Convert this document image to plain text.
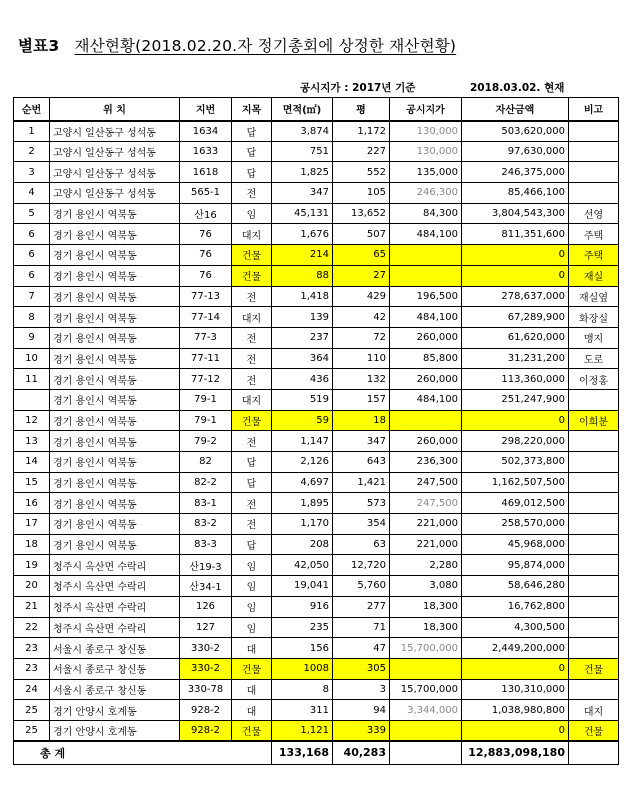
별표3 재산현황(2018.02.20.자 정기총회에 상정한 재산현황)
공시지가 : 2017년 기준	2018.03.02. 현재
순번	위 치	지번	지목	면적(㎡)	평	공시지가	자산금액	비고
1	고양시 일산동구 성석동	1634	답	3,874	1,172	130,000	503,620,000	
2	고양시 일산동구 성석동	1633	답	751	227	130,000	97,630,000	
3	고양시 일산동구 성석동	1618	답	1,825	552	135,000	246,375,000	
4	고양시 일산동구 성석동	565-1	전	347	105	246,300	85,466,100	
5	경기 용인시 역북동	산16	임	45,131	13,652	84,300	3,804,543,300	선영
6	경기 용인시 역북동	76	대지	1,676	507	484,100	811,351,600	주택
6	경기 용인시 역북동	76	건물	214	65		0	주택
6	경기 용인시 역북동	76	건물	88	27		0	재실
7	경기 용인시 역북동	77-13	전	1,418	429	196,500	278,637,000	재실옆
8	경기 용인시 역북동	77-14	대지	139	42	484,100	67,289,900	화장실
9	경기 용인시 역북동	77-3	전	237	72	260,000	61,620,000	맹지
10	경기 용인시 역북동	77-11	전	364	110	85,800	31,231,200	도로
11	경기 용인시 역북동	77-12	전	436	132	260,000	113,360,000	이정홍
	경기 용인시 역북동	79-1	대지	519	157	484,100	251,247,900	
12	경기 용인시 역북동	79-1	건물	59	18		0	이희분
13	경기 용인시 역북동	79-2	전	1,147	347	260,000	298,220,000	
14	경기 용인시 역북동	82	답	2,126	643	236,300	502,373,800	
15	경기 용인시 역북동	82-2	답	4,697	1,421	247,500	1,162,507,500	
16	경기 용인시 역북동	83-1	전	1,895	573	247,500	469,012,500	
17	경기 용인시 역북동	83-2	전	1,170	354	221,000	258,570,000	
18	경기 용인시 역북동	83-3	답	208	63	221,000	45,968,000	
19	청주시 옥산면 수락리	산19-3	임	42,050	12,720	2,280	95,874,000	
20	청주시 옥산면 수락리	산34-1	임	19,041	5,760	3,080	58,646,280	
21	청주시 옥산면 수락리	126	임	916	277	18,300	16,762,800	
22	청주시 옥산면 수락리	127	임	235	71	18,300	4,300,500	
23	서울시 종로구 창신동	330-2	대	156	47	15,700,000	2,449,200,000	
23	서울시 종로구 창신동	330-2	건물	1008	305		0	건물
24	서울시 종로구 창신동	330-78	대	8	3	15,700,000	130,310,000	
25	경기 안양시 호계동	928-2	대	311	94	3,344,000	1,038,980,800	대지
25	경기 안양시 호계동	928-2	건물	1,121	339		0	건물
총 계				133,168	40,283		12,883,098,180	
